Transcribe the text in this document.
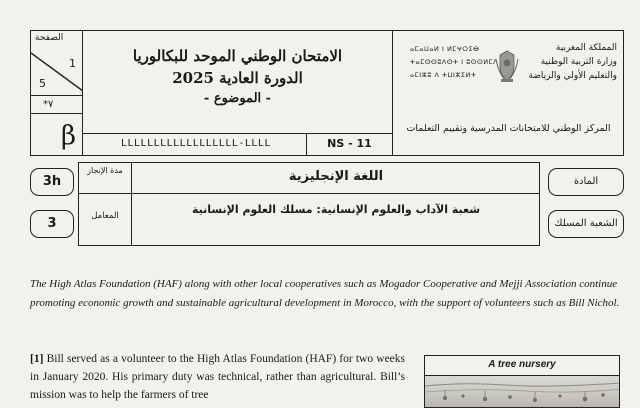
الصفحة
1
5
*٧
β
الامتحان الوطني الموحد للبكالوريا
الدورة العادية 2025
- الموضوع -
LLLLLLLLLLLLLLLLLL-LLLL	NS - 11
ⴰⵎⴰⵡⴰⵍ ⵏ ⵍⵎⵖⵔⵉⴱ
ⵜⴰⵎⵙⵙⵓⴷⵙⵜ ⵏ ⵓⵙⵙⵍⵎⴷ
ⴰⵎⵏⵣⵓ ⴷ ⵜⵡⵏⵣⵉⵍⵜ
المملكة المغربية
وزارة التربية الوطنية
والتعليم الأولي والرياضة
المركز الوطني للامتحانات المدرسية وتقييم التعلمات
3h
3
مدة الإنجاز
المعامل
اللغة الإنجليزية
شعبة الآداب والعلوم الإنسانية: مسلك العلوم الإنسانية
المادة
الشعبة المسلك

The High Atlas Foundation (HAF) along with other local cooperatives such as Mogador Cooperative and Mejji Association continue promoting economic growth and sustainable agricultural development in Morocco, with the support of volunteers such as Bill Nichol.

[1] Bill served as a volunteer to the High Atlas Foundation (HAF) for two weeks in January 2020. His primary duty was technical, rather than agricultural. Bill’s mission was to help the farmers of tree

A tree nursery
